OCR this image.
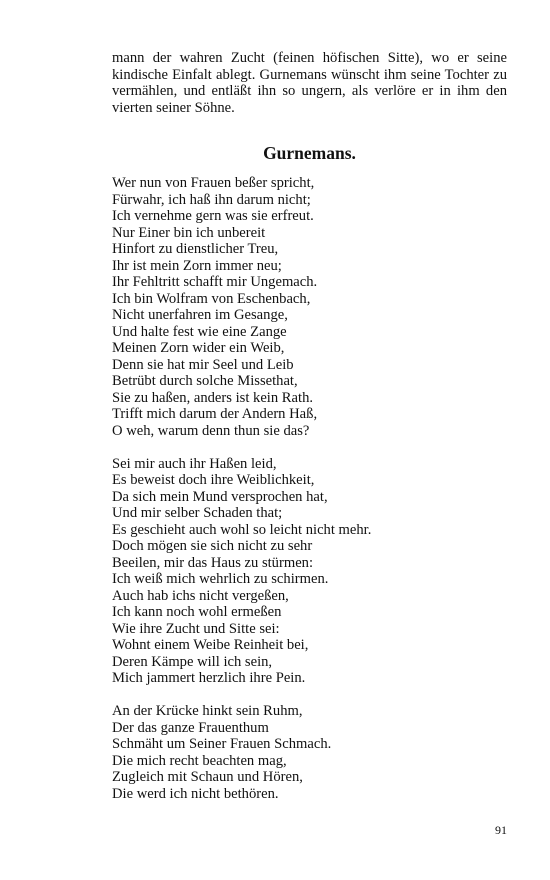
mann der wahren Zucht (feinen höfischen Sitte), wo er seine kindische Einfalt ablegt. Gurnemans wünscht ihm seine Tochter zu vermählen, und entläßt ihn so ungern, als verlöre er in ihm den vierten seiner Söhne.

Gurnemans.
Wer nun von Frauen beßer spricht,
Fürwahr, ich haß ihn darum nicht;
Ich vernehme gern was sie erfreut.
Nur Einer bin ich unbereit
Hinfort zu dienstlicher Treu,
Ihr ist mein Zorn immer neu;
Ihr Fehltritt schafft mir Ungemach.
Ich bin Wolfram von Eschenbach,
Nicht unerfahren im Gesange,
Und halte fest wie eine Zange
Meinen Zorn wider ein Weib,
Denn sie hat mir Seel und Leib
Betrübt durch solche Missethat,
Sie zu haßen, anders ist kein Rath.
Trifft mich darum der Andern Haß,
O weh, warum denn thun sie das?
Sei mir auch ihr Haßen leid,
Es beweist doch ihre Weiblichkeit,
Da sich mein Mund versprochen hat,
Und mir selber Schaden that;
Es geschieht auch wohl so leicht nicht mehr.
Doch mögen sie sich nicht zu sehr
Beeilen, mir das Haus zu stürmen:
Ich weiß mich wehrlich zu schirmen.
Auch hab ichs nicht vergeßen,
Ich kann noch wohl ermeßen
Wie ihre Zucht und Sitte sei:
Wohnt einem Weibe Reinheit bei,
Deren Kämpe will ich sein,
Mich jammert herzlich ihre Pein.
An der Krücke hinkt sein Ruhm,
Der das ganze Frauenthum
Schmäht um Seiner Frauen Schmach.
Die mich recht beachten mag,
Zugleich mit Schaun und Hören,
Die werd ich nicht bethören.
91
